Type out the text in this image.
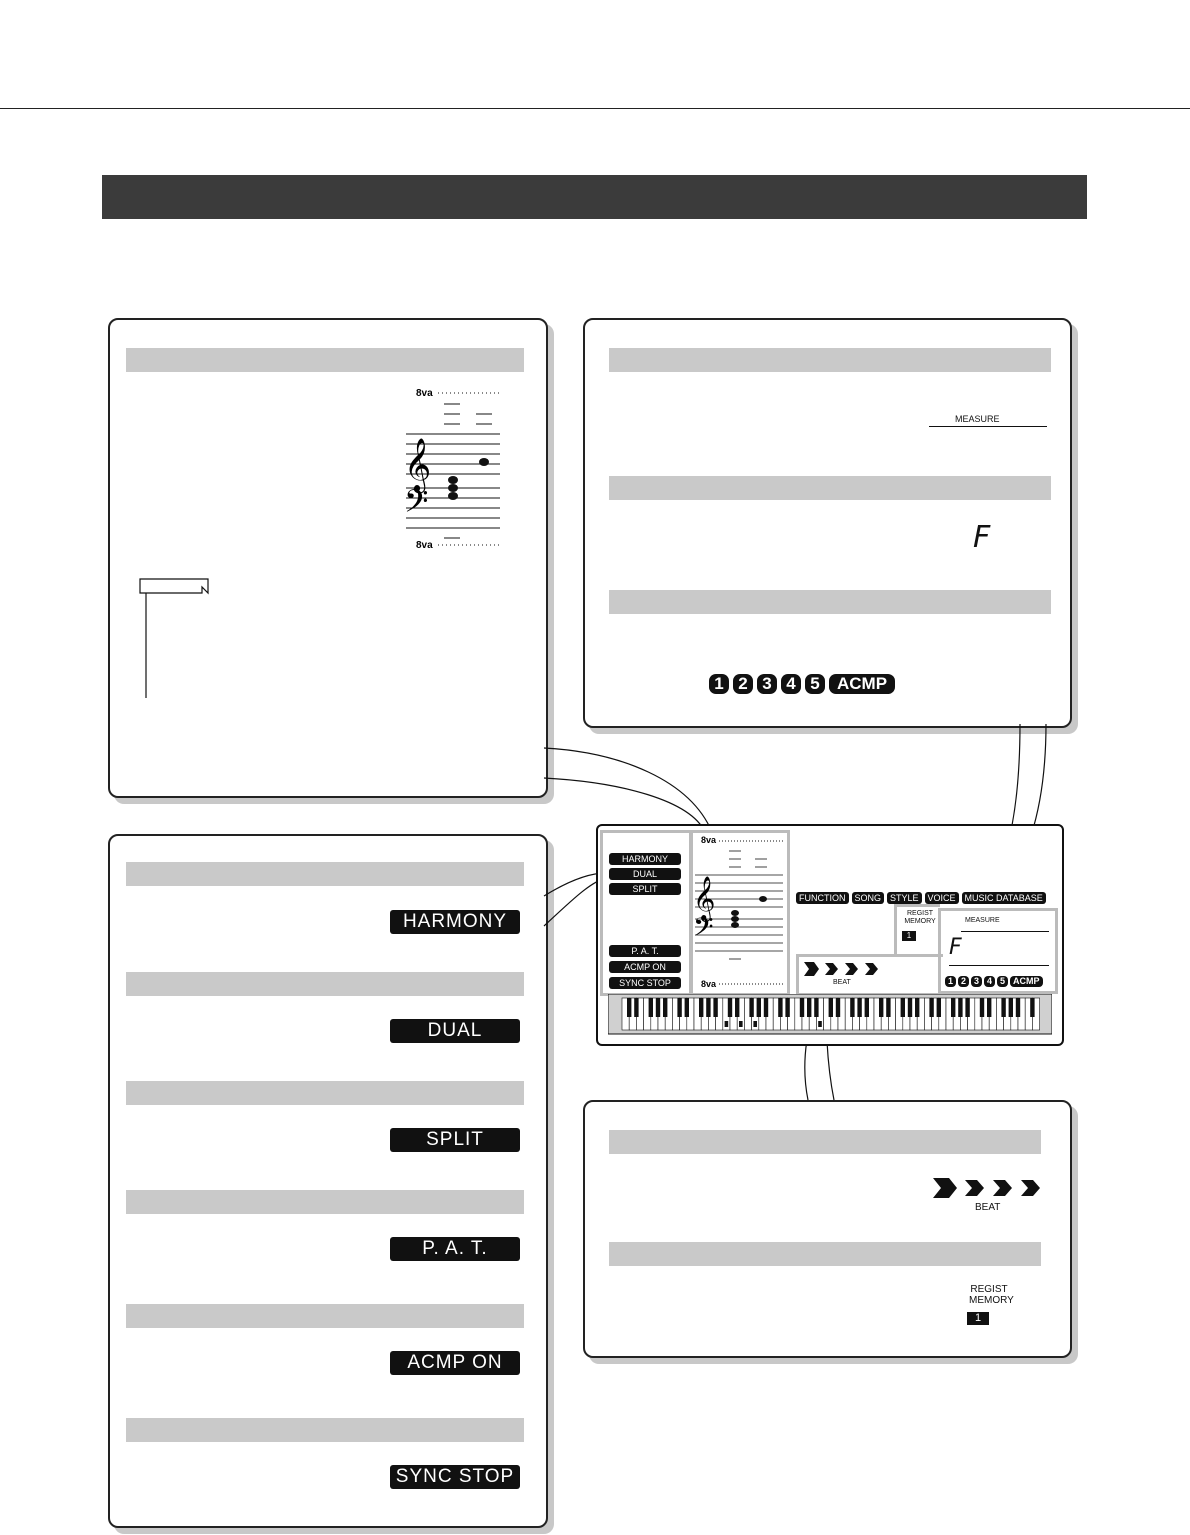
8va
𝄞
𝄢
8va
MEASURE
F
1 2 3 4 5 ACMP
HARMONY
DUAL
SPLIT
P. A. T.
ACMP ON
SYNC STOP
BEAT
REGIST
MEMORY
1
HARMONY
DUAL
SPLIT
P. A. T.
ACMP ON
SYNC STOP
8va
𝄞
𝄢
8va
FUNCTION SONG STYLE VOICE MUSIC DATABASE
REGIST
MEMORY
1
BEAT
MEASURE
F
1 2 3 4 5 ACMP
